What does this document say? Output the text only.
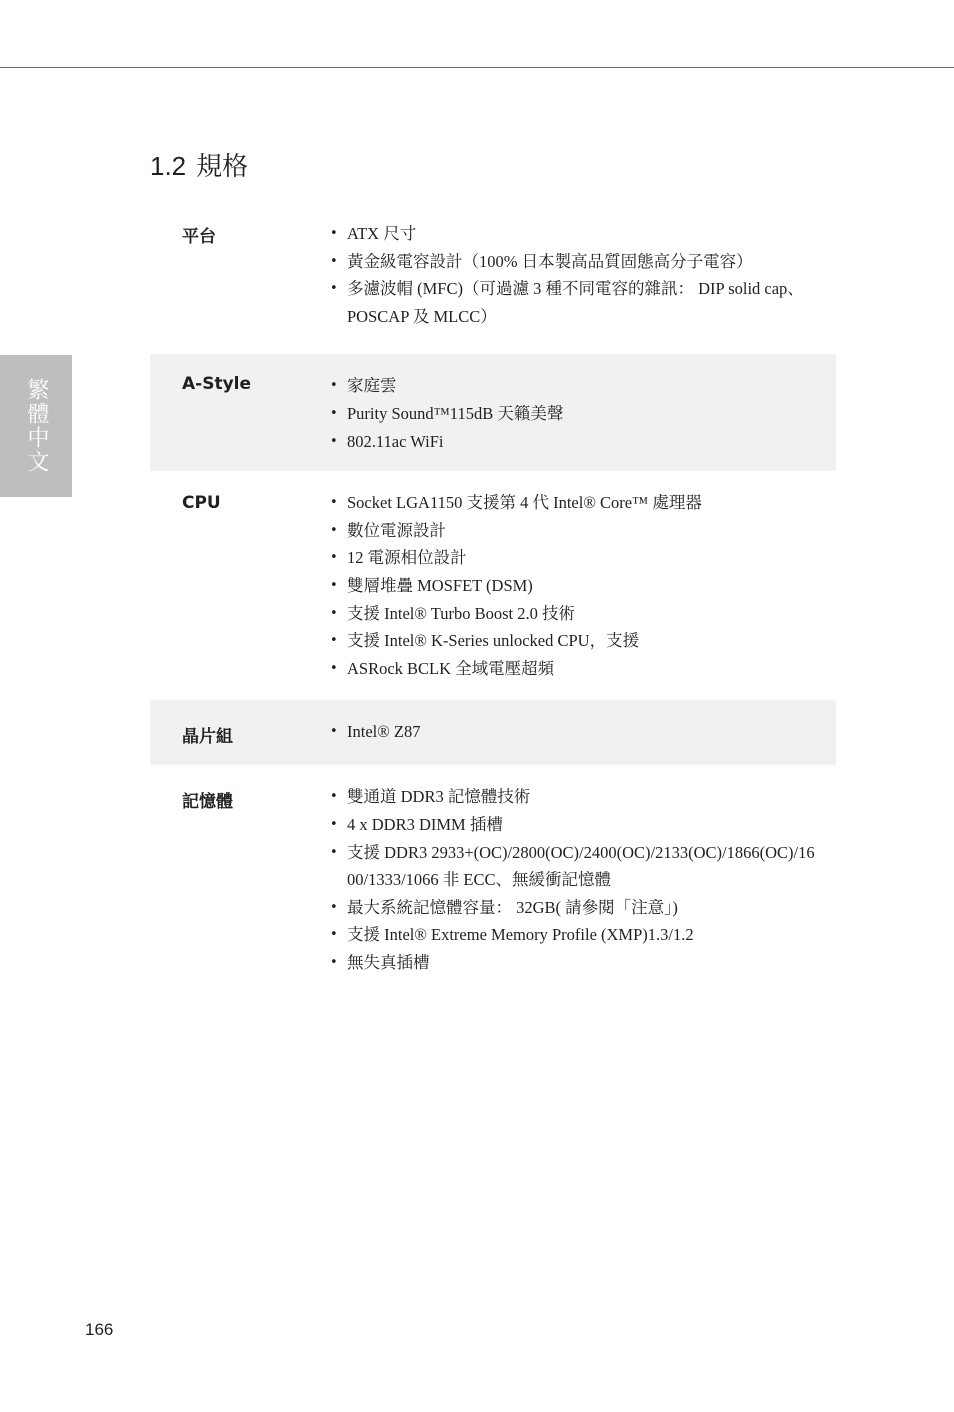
繁體中文
1.2 規格
平台	• ATX 尺寸
• 黃金級電容設計（100% 日本製高品質固態高分子電容）
• 多濾波帽 (MFC)（可過濾 3 種不同電容的雜訊： DIP solid cap、POSCAP 及 MLCC）
A-Style	• 家庭雲
• Purity Sound™115dB 天籟美聲
• 802.11ac WiFi
CPU	• Socket LGA1150 支援第 4 代 Intel® Core™ 處理器
• 數位電源設計
• 12 電源相位設計
• 雙層堆疊 MOSFET (DSM)
• 支援 Intel® Turbo Boost 2.0 技術
• 支援 Intel® K-Series unlocked CPU，支援
• ASRock BCLK 全域電壓超頻
晶片組	• Intel® Z87
記憶體	• 雙通道 DDR3 記憶體技術
• 4 x DDR3 DIMM 插槽
• 支援 DDR3 2933+(OC)/2800(OC)/2400(OC)/2133(OC)/1866(OC)/1600/1333/1066 非 ECC、無緩衝記憶體
• 最大系統記憶體容量： 32GB( 請參閱「注意」)
• 支援 Intel® Extreme Memory Profile (XMP)1.3/1.2
• 無失真插槽
166
